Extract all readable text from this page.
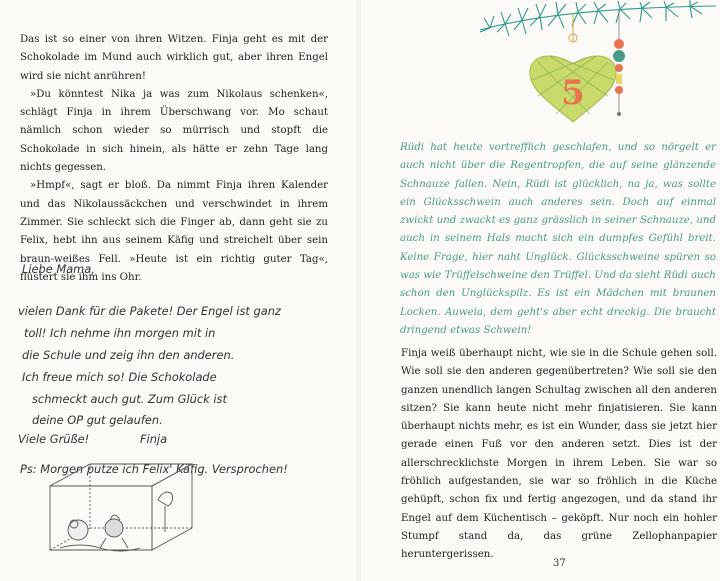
Das ist so einer von ihren Witzen. Finja geht es mit der Schokolade im Mund auch wirklich gut, aber ihren Engel wird sie nicht anrühren!

»Du könntest Nika ja was zum Nikolaus schenken«, schlägt Finja in ihrem Überschwang vor. Mo schaut nämlich schon wieder so mürrisch und stopft die Schokolade in sich hinein, als hätte er zehn Tage lang nichts gegessen.

»Hmpf«, sagt er bloß. Da nimmt Finja ihren Kalender und das Nikolaussäckchen und verschwindet in ihrem Zimmer. Sie schleckt sich die Finger ab, dann geht sie zu Felix, hebt ihn aus seinem Käfig und streichelt über sein braun-weißes Fell. »Heute ist ein richtig guter Tag«, flüstert sie ihm ins Ohr.

Liebe Mama,
vielen Dank für die Pakete! Der Engel ist ganz
toll! Ich nehme ihn morgen mit in
die Schule und zeig ihn den anderen.
Ich freue mich so! Die Schokolade
schmeckt auch gut. Zum Glück ist
deine OP gut gelaufen.
Viele Grüße!	Finja
Ps: Morgen putze ich Felix' Käfig. Versprochen!
5
Rüdi hat heute vortrefflich geschlafen, und so nörgelt er auch nicht über die Regentropfen, die auf seine glänzende Schnauze fallen. Nein, Rüdi ist glücklich, na ja, was sollte ein Glücksschwein auch anderes sein. Doch auf einmal zwickt und zwackt es ganz grässlich in seiner Schnauze, und auch in seinem Hals macht sich ein dumpfes Gefühl breit. Keine Frage, hier naht Unglück. Glücksschweine spüren so was wie Trüffelschweine den Trüffel. Und da sieht Rüdi auch schon den Unglückspilz. Es ist ein Mädchen mit braunen Locken. Auweia, dem geht's aber echt dreckig. Die braucht dringend etwas Schwein!

Finja weiß überhaupt nicht, wie sie in die Schule gehen soll. Wie soll sie den anderen gegenübertreten? Wie soll sie den ganzen unendlich langen Schultag zwischen all den anderen sitzen? Sie kann heute nicht mehr finjatisieren. Sie kann überhaupt nichts mehr, es ist ein Wunder, dass sie jetzt hier gerade einen Fuß vor den anderen setzt. Dies ist der allerschrecklichste Morgen in ihrem Leben. Sie war so fröhlich aufgestanden, sie war so fröhlich in die Küche gehüpft, schon fix und fertig angezogen, und da stand ihr Engel auf dem Küchentisch – geköpft. Nur noch ein hohler Stumpf stand da, das grüne Zellophanpapier heruntergerissen.

37
